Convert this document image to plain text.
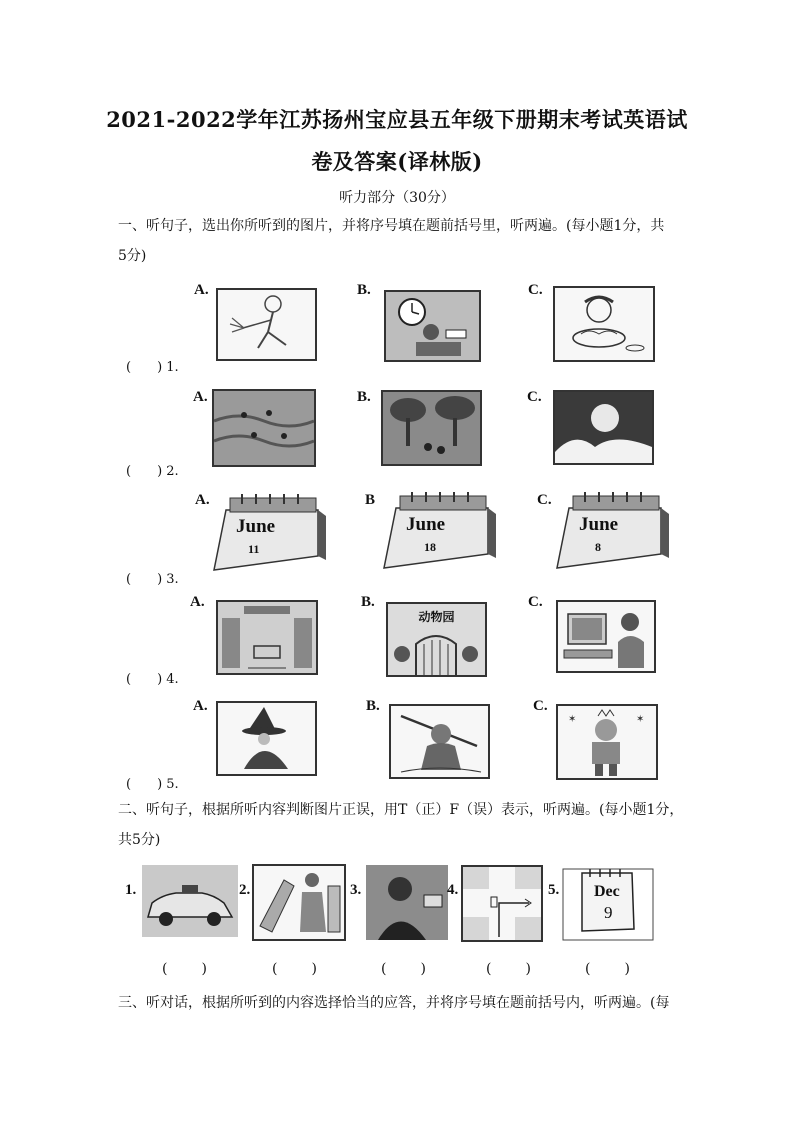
2021-2022学年江苏扬州宝应县五年级下册期末考试英语试
卷及答案(译林版)
听力部分（30分）
一、听句子，选出你所听到的图片，并将序号填在题前括号里，听两遍。(每小题1分，共
5分)
A.	B.	C.
(　　) 1.
A.	B.	C.
(　　) 2.
A.	B	C.
June
11
June
18
June
8
(　　) 3.
A.	B.	C.
动物园
(　　) 4.
A.	B.	C.
✶	✶
(　　) 5.
二、听句子，根据所听内容判断图片正误，用T（正）F（误）表示，听两遍。(每小题1分，
共5分)
1.	2.	3.	4.	5. Dec
9
(　　)	(　　)	(　　)	(　　)	(　　)
三、听对话，根据所听到的内容选择恰当的应答，并将序号填在题前括号内，听两遍。(每
